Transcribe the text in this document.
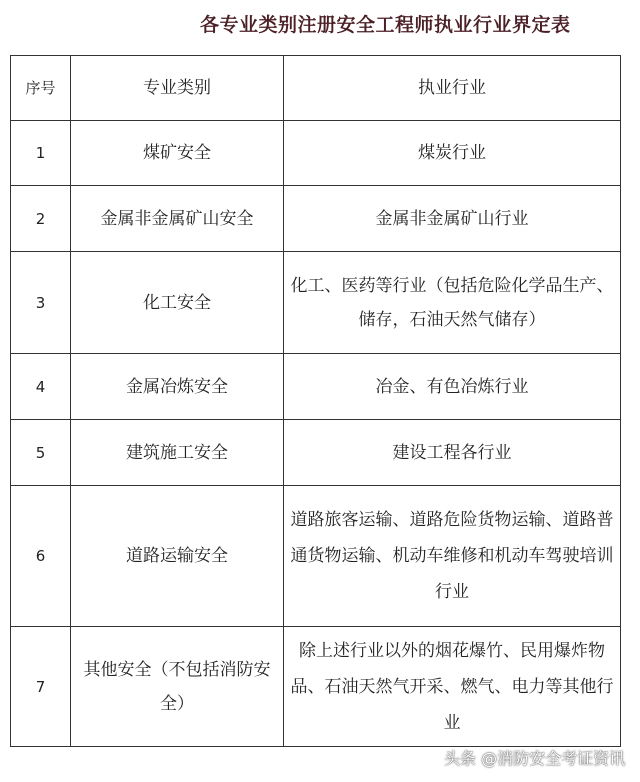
各专业类别注册安全工程师执业行业界定表
序号	专业类别	执业行业
1	煤矿安全	煤炭行业
2	金属非金属矿山安全	金属非金属矿山行业
3	化工安全	化工、医药等行业（包括危险化学品生产、储存，石油天然气储存）
4	金属冶炼安全	冶金、有色冶炼行业
5	建筑施工安全	建设工程各行业
6	道路运输安全	道路旅客运输、道路危险货物运输、道路普通货物运输、机动车维修和机动车驾驶培训行业
7	其他安全（不包括消防安全）	除上述行业以外的烟花爆竹、民用爆炸物品、石油天然气开采、燃气、电力等其他行业
头条 @消防安全考证资讯
